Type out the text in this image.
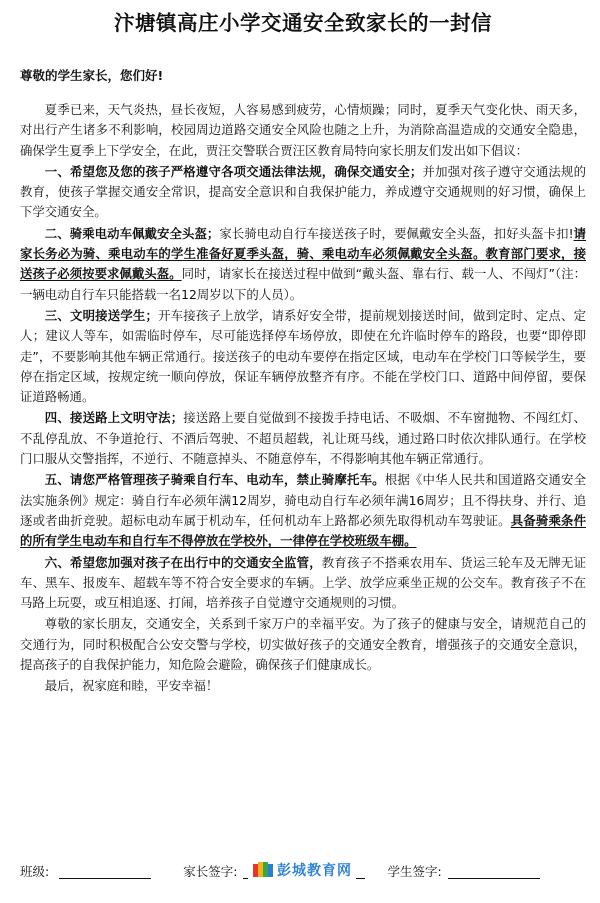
汴塘镇高庄小学交通安全致家长的一封信
尊敬的学生家长，您们好!

夏季已来，天气炎热，昼长夜短，人容易感到疲劳，心情烦躁；同时，夏季天气变化快、雨天多，对出行产生诸多不利影响，校园周边道路交通安全风险也随之上升，为消除高温造成的交通安全隐患，确保学生夏季上下学安全，在此，贾汪交警联合贾汪区教育局特向家长朋友们发出如下倡议：

一、希望您及您的孩子严格遵守各项交通法律法规，确保交通安全；并加强对孩子遵守交通法规的教育，使孩子掌握交通安全常识，提高安全意识和自我保护能力，养成遵守交通规则的好习惯，确保上下学交通安全。

二、骑乘电动车佩戴安全头盔；家长骑电动自行车接送孩子时，要佩戴安全头盔，扣好头盔卡扣!请家长务必为骑、乘电动车的学生准备好夏季头盔，骑、乘电动车必须佩戴安全头盔。教育部门要求，接送孩子必须按要求佩戴头盔。同时，请家长在接送过程中做到“戴头盔、靠右行、载一人、不闯灯”（注：一辆电动自行车只能搭载一名12周岁以下的人员）。

三、文明接送学生；开车接孩子上放学，请系好安全带，提前规划接送时间，做到定时、定点、定人；建议人等车，如需临时停车，尽可能选择停车场停放，即使在允许临时停车的路段，也要“即停即走”，不要影响其他车辆正常通行。接送孩子的电动车要停在指定区域，电动车在学校门口等候学生，要停在指定区域，按规定统一顺向停放，保证车辆停放整齐有序。不能在学校门口、道路中间停留，要保证道路畅通。

四、接送路上文明守法；接送路上要自觉做到不接拨手持电话、不吸烟、不车窗抛物、不闯红灯、不乱停乱放、不争道抢行、不酒后驾驶、不超员超载，礼让斑马线，通过路口时依次排队通行。在学校门口服从交警指挥，不逆行、不随意掉头、不随意停车，不得影响其他车辆正常通行。

五、请您严格管理孩子骑乘自行车、电动车，禁止骑摩托车。根据《中华人民共和国道路交通安全法实施条例》规定：骑自行车必须年满12周岁，骑电动自行车必须年满16周岁；且不得扶身、并行、追逐或者曲折竞驶。超标电动车属于机动车，任何机动车上路都必须先取得机动车驾驶证。具备骑乘条件的所有学生电动车和自行车不得停放在学校外，一律停在学校班级车棚。

六、希望您加强对孩子在出行中的交通安全监管，教育孩子不搭乘农用车、货运三轮车及无牌无证车、黑车、报废车、超载车等不符合安全要求的车辆。上学、放学应乘坐正规的公交车。教育孩子不在马路上玩耍，或互相追逐、打闹，培养孩子自觉遵守交通规则的习惯。

尊敬的家长朋友，交通安全，关系到千家万户的幸福平安。为了孩子的健康与安全，请规范自己的交通行为，同时积极配合公安交警与学校，切实做好孩子的交通安全教育，增强孩子的交通安全意识，提高孩子的自我保护能力，知危险会避险，确保孩子们健康成长。

最后，祝家庭和睦，平安幸福！

班级:	家长签字:	学生签字:
彭城教育网
